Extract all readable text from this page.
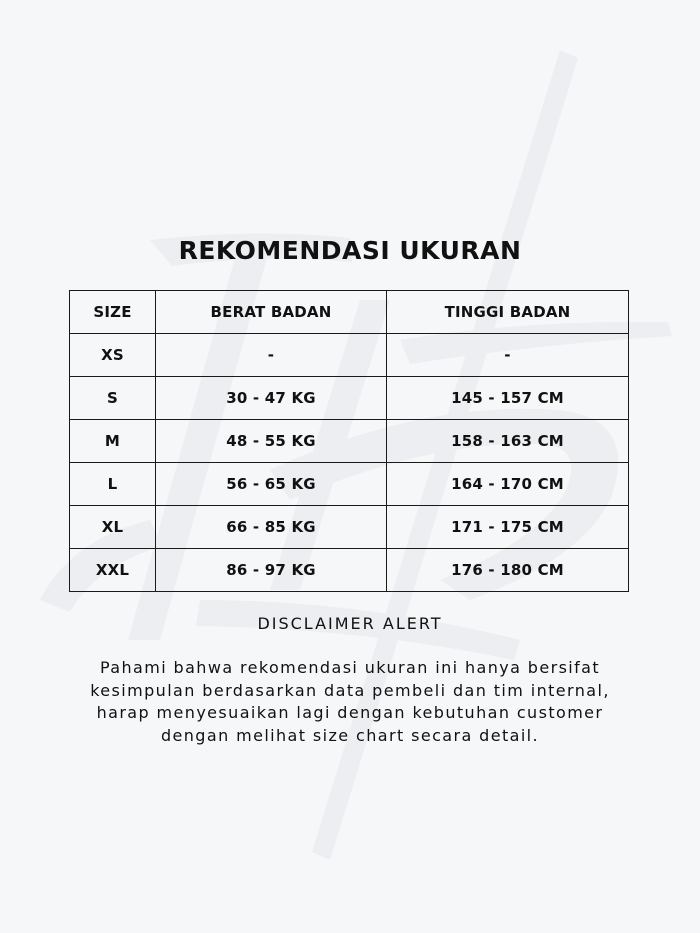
REKOMENDASI UKURAN
SIZE	BERAT BADAN	TINGGI BADAN
XS	-	-
S	30 - 47 KG	145 - 157 CM
M	48 - 55 KG	158 - 163 CM
L	56 - 65 KG	164 - 170 CM
XL	66 - 85 KG	171 - 175 CM
XXL	86 - 97 KG	176 - 180 CM
DISCLAIMER ALERT

Pahami bahwa rekomendasi ukuran ini hanya bersifat
kesimpulan berdasarkan data pembeli dan tim internal,
harap menyesuaikan lagi dengan kebutuhan customer
dengan melihat size chart secara detail.
